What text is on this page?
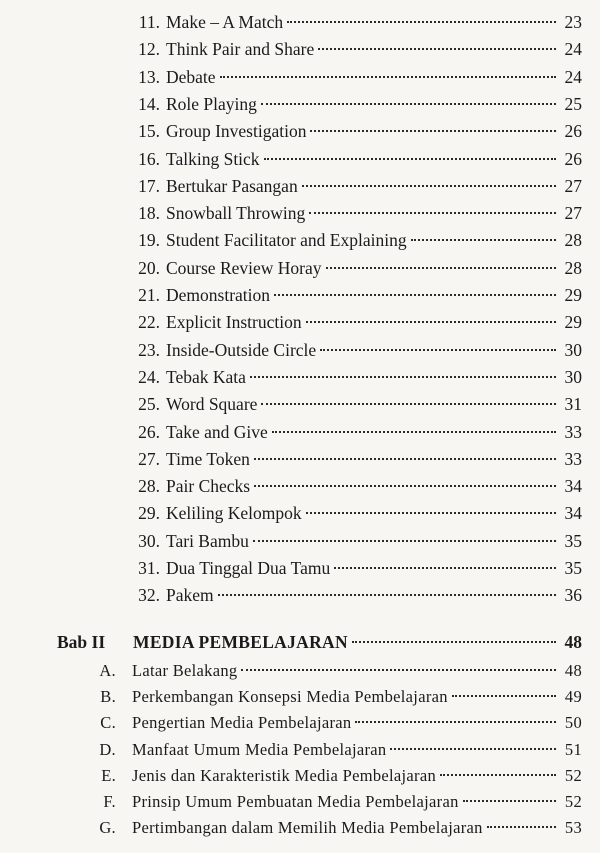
11. Make – A Match	23
12. Think Pair and Share	24
13. Debate	24
14. Role Playing	25
15. Group Investigation	26
16. Talking Stick	26
17. Bertukar Pasangan	27
18. Snowball Throwing	27
19. Student Facilitator and Explaining	28
20. Course Review Horay	28
21. Demonstration	29
22. Explicit Instruction	29
23. Inside-Outside Circle	30
24. Tebak Kata	30
25. Word Square	31
26. Take and Give	33
27. Time Token	33
28. Pair Checks	34
29. Keliling Kelompok	34
30. Tari Bambu	35
31. Dua Tinggal Dua Tamu	35
32. Pakem	36
Bab II	MEDIA PEMBELAJARAN	48
A. Latar Belakang	48
B. Perkembangan Konsepsi Media Pembelajaran	49
C. Pengertian Media Pembelajaran	50
D. Manfaat Umum Media Pembelajaran	51
E. Jenis dan Karakteristik Media Pembelajaran	52
F. Prinsip Umum Pembuatan Media Pembelajaran	52
G. Pertimbangan dalam Memilih Media Pembelajaran	53
